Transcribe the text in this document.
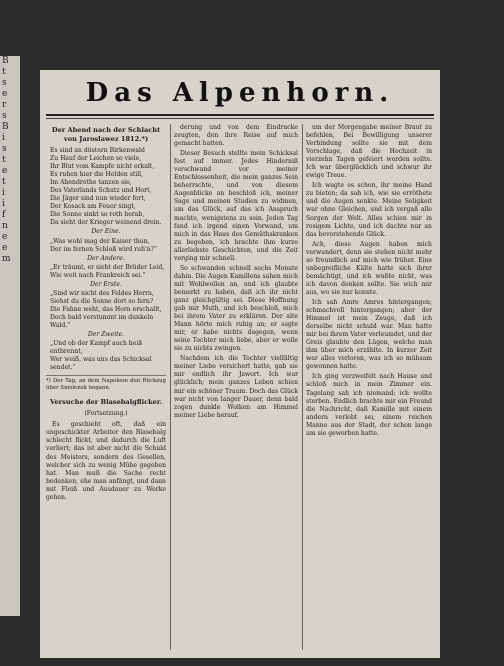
B
t
s
e
r
s
B
i
s
t
e
t
i
i
f
n
e
e
m
Das Alpenhorn.
Der Abend nach der Schlacht von Jaroslawez 1812.*)

Es sind an düstern Birkenwald

Zu Hauf der Leichen so viele,

Ihr Blut vom Kampfe nicht erkalt,

Es ruhen hier die Helden still,

Im Abendrothe tanzen sie,

Des Vaterlands Schutz und Hort,

Die Jäger sind nun wieder fort,

Der Kosack am Feuer singt,

Die Sonne sinkt so roth herab,

Da sieht der Krieger weinend drein.

Der Eine.

„Was wohl mag der Kaiser thun,

Der im fernen Schloß wird ruh'n?“

Der Andere.

„Er träumt, er sieht der Brüder Leid,

Wie weit nach Frankreich sei.“

Der Erste.

„Sind wir nicht des Feldes Herrn,

Siehst du die Sonne dort so fern?

Die Fahne weht, das Horn erschallt,

Doch bald verstummt im dunkeln Wald.“

Der Zweite.

„Und ob der Kampf auch heiß entbrennt,

Wer weiß, was uns das Schicksal sendet.“

*) Der Tag, an dem Napoleon den Rückzug über Smolensk begann.
Versuche der Blasebalgflicker.
(Fortsetzung.)

Es geschieht oft, daß ein ungeschickter Arbeiter den Blasebalg schlecht flickt, und dadurch die Luft verliert; das ist aber nicht die Schuld des Meisters, sondern des Gesellen, welcher sich zu wenig Mühe gegeben hat. Man muß die Sache recht bedenken, ehe man anfängt, und dann mit Fleiß und Ausdauer zu Werke gehen.

derung und von dem Eindrucke zeugten, den ihre Reise auf mich gemacht hatten.

Dieser Besuch stellte mein Schicksal fest auf immer. Jedes Hinderniß verschwand vor meiner Entschlossenheit, die mein ganzes Sein beherrschte, und von diesem Augenblicke an beschloß ich, meiner Sage und meinen Studien zu widmen, um das Glück, auf das ich Anspruch machte, wenigstens zu sein. Jeden Tag fand ich irgend einen Vorwand, um mich in das Haus des Gemüthskranken zu begeben, ich brachte ihm kurze allerliebste Geschichten, und die Zeit verging mir schnell.

So schwanden schnell sechs Monate dahin. Die Augen Kamillens sahen mich mit Wohlwollen an, und ich glaubte bemerkt zu haben, daß ich ihr nicht ganz gleichgültig sei. Diese Hoffnung gab mir Muth, und ich beschloß, mich bei ihrem Vater zu erklären. Der alte Mann hörte mich ruhig an; er sagte mir, er habe nichts dagegen, wenn seine Tochter mich liebe, aber er wolle sie zu nichts zwingen.

Nachdem ich die Tochter vielfältig meiner Liebe versichert hatte, gab sie mir endlich ihr Jawort. Ich war glücklich; mein ganzes Leben schien mir ein schöner Traum. Doch das Glück war nicht von langer Dauer, denn bald zogen dunkle Wolken am Himmel meiner Liebe herauf.

um der Morgengabe meiner Braut zu befehlen, Bei Bewilligung unserer Verbindung sollte sie mit dem Vorschlage, daß die Hochzeit in vierzehn Tagen gefeiert werden sollte. Ich war überglücklich und schwur ihr ewige Treue.

Ich wagte es schon, ihr meine Hand zu bieten; da sah ich, wie sie erröthete und die Augen senkte. Meine Seligkeit war ohne Gleichen, und ich vergaß alle Sorgen der Welt. Alles schien mir in rosigem Lichte, und ich dachte nur an das bevorstehende Glück.

Ach, diese Augen haben mich verwundert, denn sie stehen nicht mehr so freundlich auf mich wie früher. Eine unbegreifliche Kälte hatte sich ihrer bemächtigt, und ich wußte nicht, was ich davon denken sollte. Sie wich mir aus, wo sie nur konnte.

Ich sah Amre Amres hintergangen; schmachvoll hintergangen; aber der Himmel ist mein Zeuge, daß ich derselbe nicht schuld war. Man hatte mir bei ihrem Vater verleumdet, und der Greis glaubte den Lügen, welche man ihm über mich erzählte. In kurzer Zeit war alles verloren, was ich so mühsam gewonnen hatte.

Ich ging verzweifelt nach Hause und schloß mich in mein Zimmer ein. Tagelang sah ich niemand; ich wollte sterben. Endlich brachte mir ein Freund die Nachricht, daß Kamille mit einem andern verlobt sei, einem reichen Manne aus der Stadt, der schon lange um sie geworben hatte.
